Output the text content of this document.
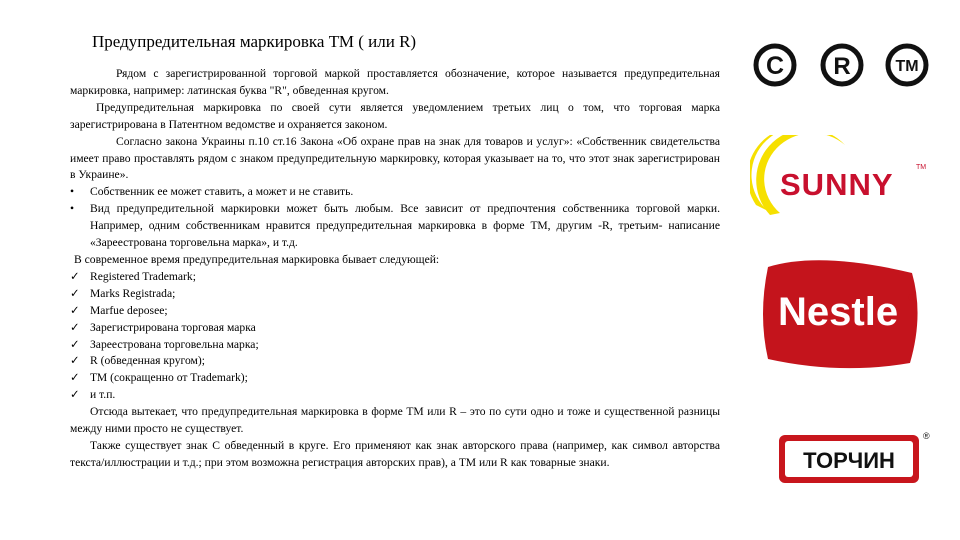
Предупредительная маркировка ТМ ( или R)

Рядом с зарегистрированной торговой маркой проставляется обозначение, которое называется предупредительная маркировка, например: латинская буква "R", обведенная кругом.

Предупредительная маркировка по своей сути является уведомлением третьих лиц о том, что торговая марка зарегистрирована в Патентном ведомстве и охраняется законом.

Согласно закона Украины п.10 ст.16 Закона «Об охране прав на знак для товаров и услуг»: «Собственник свидетельства имеет право проставлять рядом с знаком предупредительную маркировку, которая указывает на то, что этот знак зарегистрирован в Украине».

•	Собственник ее может ставить, а может и не ставить.
•	Вид предупредительной маркировки может быть любым. Все зависит от предпочтения собственника торговой марки. Например, одним собственникам нравится предупредительная маркировка в форме ТМ, другим -R, третьим- написание «Зареестрована торговельна марка», и т.д.

В современное время предупредительная маркировка бывает следующей:

✓ Registered Trademark;
✓ Marks Registrada;
✓ Marfue deposee;
✓ Зарегистрирована торговая марка
✓ Зареестрована торговельна марка;
✓ R (обведенная кругом);
✓ ТМ (сокращенно от Trademark);
✓ и т.п.

Отсюда вытекает, что предупредительная маркировка в форме ТМ или R – это по сути одно и тоже и существенной разницы между ними просто не существует.

Также существует знак С обведенный в круге. Его применяют как знак авторского права (например, как символ авторства текста/иллюстрации и т.д.; при этом возможна регистрация авторских прав), а ТМ или R как товарные знаки.

C R	TM
SUNNY	TM
Nestle ®
ТОРЧИН
®
